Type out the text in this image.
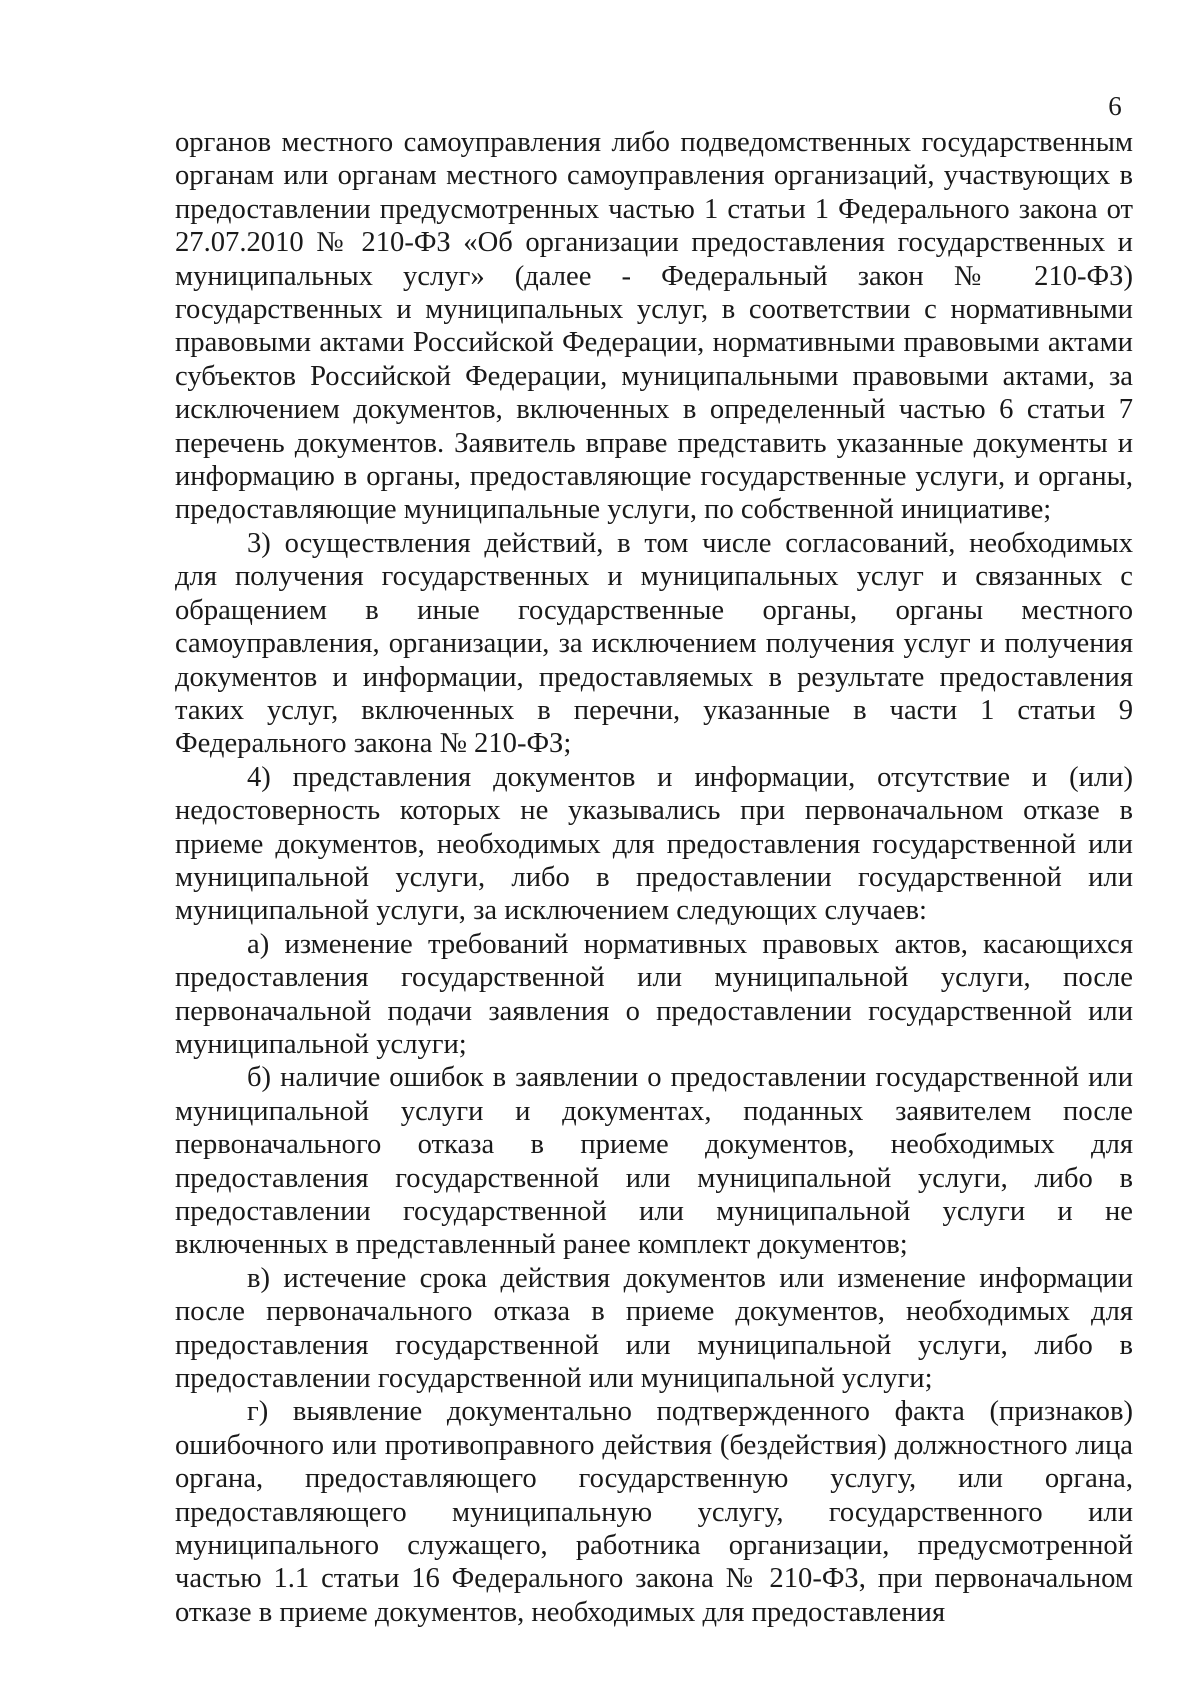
6

органов местного самоуправления либо подведомственных государственным органам или органам местного самоуправления организаций, участвующих в предоставлении предусмотренных частью 1 статьи 1 Федерального закона от 27.07.2010 № 210-ФЗ «Об организации предоставления государственных и муниципальных услуг» (далее - Федеральный закон № 210-ФЗ) государственных и муниципальных услуг, в соответствии с нормативными правовыми актами Российской Федерации, нормативными правовыми актами субъектов Российской Федерации, муниципальными правовыми актами, за исключением документов, включенных в определенный частью 6 статьи 7 перечень документов. Заявитель вправе представить указанные документы и информацию в органы, предоставляющие государственные услуги, и органы, предоставляющие муниципальные услуги, по собственной инициативе;

3) осуществления действий, в том числе согласований, необходимых для получения государственных и муниципальных услуг и связанных с обращением в иные государственные органы, органы местного самоуправления, организации, за исключением получения услуг и получения документов и информации, предоставляемых в результате предоставления таких услуг, включенных в перечни, указанные в части 1 статьи 9 Федерального закона № 210-ФЗ;

4) представления документов и информации, отсутствие и (или) недостоверность которых не указывались при первоначальном отказе в приеме документов, необходимых для предоставления государственной или муниципальной услуги, либо в предоставлении государственной или муниципальной услуги, за исключением следующих случаев:

а) изменение требований нормативных правовых актов, касающихся предоставления государственной или муниципальной услуги, после первоначальной подачи заявления о предоставлении государственной или муниципальной услуги;

б) наличие ошибок в заявлении о предоставлении государственной или муниципальной услуги и документах, поданных заявителем после первоначального отказа в приеме документов, необходимых для предоставления государственной или муниципальной услуги, либо в предоставлении государственной или муниципальной услуги и не включенных в представленный ранее комплект документов;

в) истечение срока действия документов или изменение информации после первоначального отказа в приеме документов, необходимых для предоставления государственной или муниципальной услуги, либо в предоставлении государственной или муниципальной услуги;

г) выявление документально подтвержденного факта (признаков) ошибочного или противоправного действия (бездействия) должностного лица органа, предоставляющего государственную услугу, или органа, предоставляющего муниципальную услугу, государственного или муниципального служащего, работника организации, предусмотренной частью 1.1 статьи 16 Федерального закона № 210-ФЗ, при первоначальном отказе в приеме документов, необходимых для предоставления
